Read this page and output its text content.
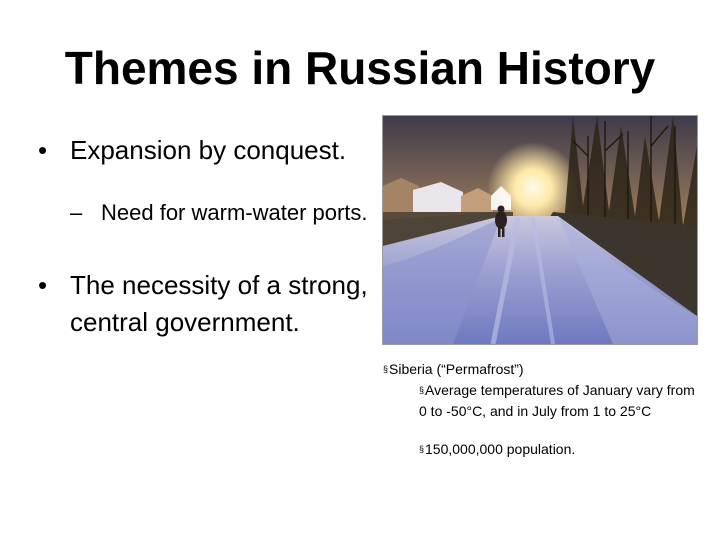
Themes in Russian History
• Expansion by conquest.
– Need for warm-water ports.
• The necessity of a strong, central government.
§Siberia (“Permafrost”)
§Average temperatures of January vary from 0 to -50°C, and in July from 1 to 25°C
§150,000,000 population.
